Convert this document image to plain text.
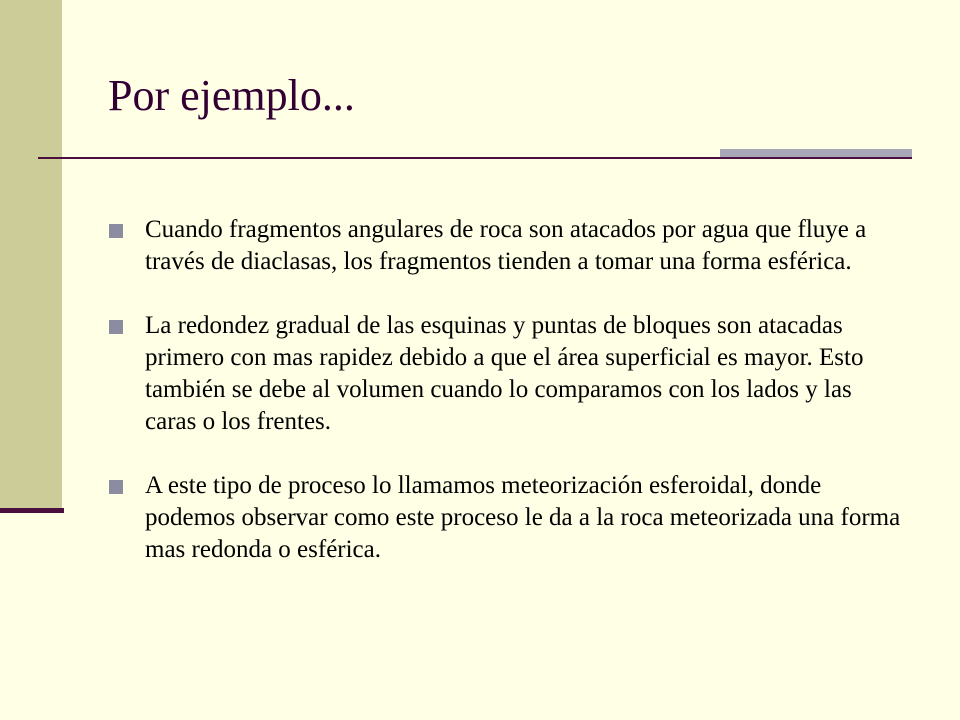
Por ejemplo...
Cuando fragmentos angulares de roca son atacados por agua que fluye a través de diaclasas, los fragmentos tienden a tomar una forma esférica.
La redondez gradual de las esquinas y puntas de bloques son atacadas primero con mas rapidez debido a que el área superficial es mayor. Esto también se debe al volumen cuando lo comparamos con los lados y las caras o los frentes.
A este tipo de proceso lo llamamos meteorización esferoidal, donde podemos observar como este proceso le da a la roca meteorizada una forma mas redonda o esférica.
